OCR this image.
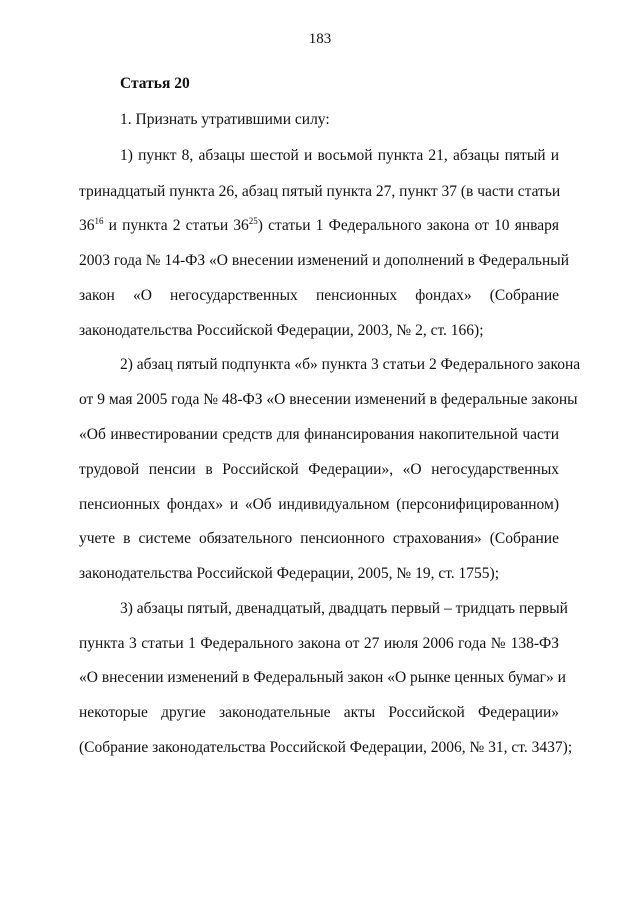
183
Статья 20
1. Признать утратившими силу:
1) пункт 8, абзацы шестой и восьмой пункта 21, абзацы пятый и
тринадцатый пункта 26, абзац пятый пункта 27, пункт 37 (в части статьи
$36^{16}$ и пункта 2 статьи $36^{25}$) статьи 1 Федерального закона от 10 января
2003 года № 14-ФЗ «О внесении изменений и дополнений в Федеральный
закон «О негосударственных пенсионных фондах» (Собрание
законодательства Российской Федерации, 2003, № 2, ст. 166);
2) абзац пятый подпункта «б» пункта 3 статьи 2 Федерального закона
от 9 мая 2005 года № 48-ФЗ «О внесении изменений в федеральные законы
«Об инвестировании средств для финансирования накопительной части
трудовой пенсии в Российской Федерации», «О негосударственных
пенсионных фондах» и «Об индивидуальном (персонифицированном)
учете в системе обязательного пенсионного страхования» (Собрание
законодательства Российской Федерации, 2005, № 19, ст. 1755);
3) абзацы пятый, двенадцатый, двадцать первый – тридцать первый
пункта 3 статьи 1 Федерального закона от 27 июля 2006 года № 138-ФЗ
«О внесении изменений в Федеральный закон «О рынке ценных бумаг» и
некоторые другие законодательные акты Российской Федерации»
(Собрание законодательства Российской Федерации, 2006, № 31, ст. 3437);
